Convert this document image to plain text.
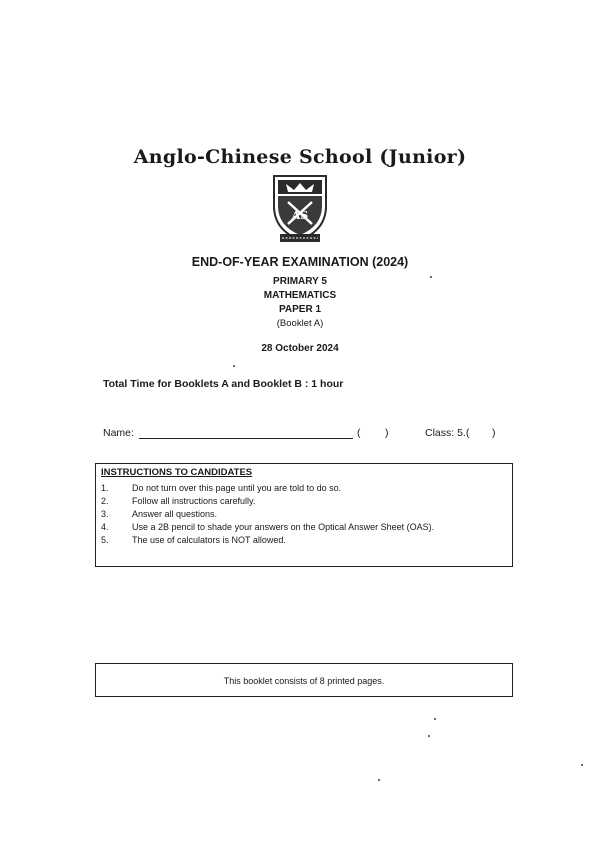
Anglo-Chinese School (Junior)
AS
END-OF-YEAR EXAMINATION (2024)
PRIMARY 5
MATHEMATICS
PAPER 1
(Booklet A)
28 October 2024
Total Time for Booklets A and Booklet B : 1 hour
Name:	( )	Class: 5.( )
INSTRUCTIONS TO CANDIDATES
1.	Do not turn over this page until you are told to do so.
2.	Follow all instructions carefully.
3.	Answer all questions.
4.	Use a 2B pencil to shade your answers on the Optical Answer Sheet (OAS).
5.	The use of calculators is NOT allowed.
This booklet consists of 8 printed pages.
